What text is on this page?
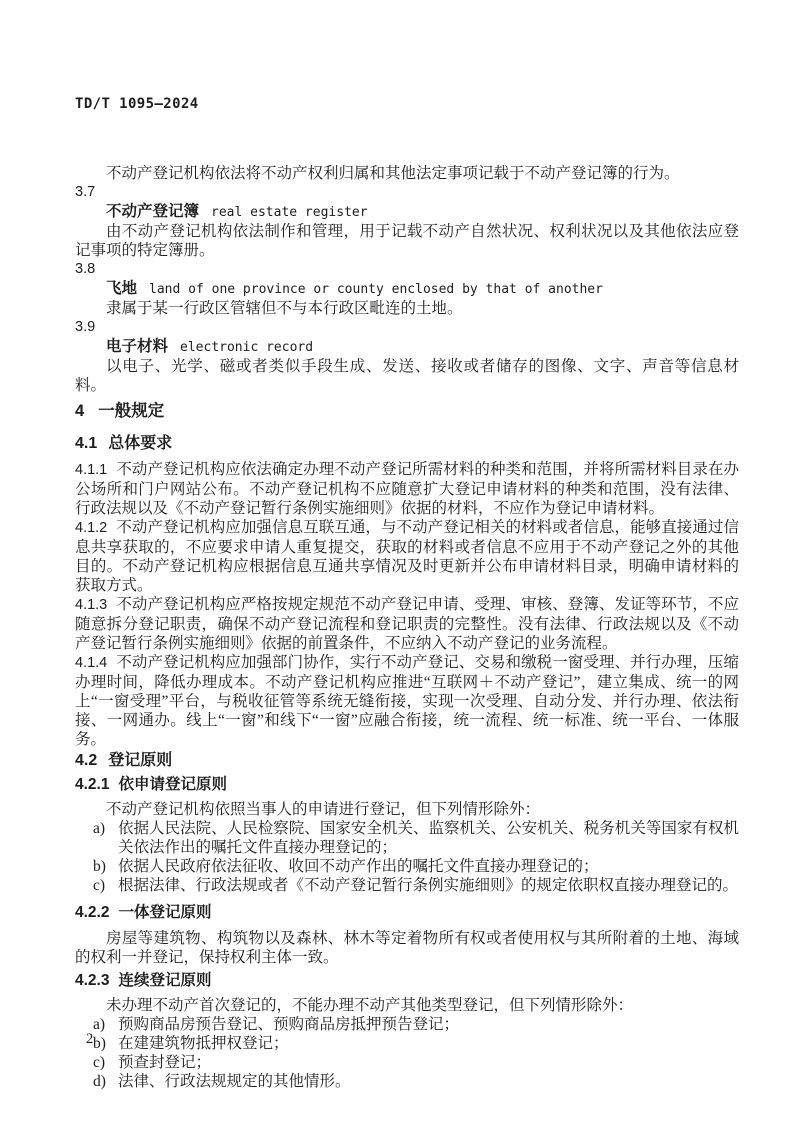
TD/T 1095—2024

不动产登记机构依法将不动产权利归属和其他法定事项记载于不动产登记簿的行为。

3.7
不动产登记簿 real estate register

由不动产登记机构依法制作和管理，用于记载不动产自然状况、权利状况以及其他依法应登记事项的特定簿册。

3.8
飞地 land of one province or county enclosed by that of another

隶属于某一行政区管辖但不与本行政区毗连的土地。

3.9
电子材料 electronic record

以电子、光学、磁或者类似手段生成、发送、接收或者储存的图像、文字、声音等信息材料。

4 一般规定
4.1 总体要求

4.1.1 不动产登记机构应依法确定办理不动产登记所需材料的种类和范围，并将所需材料目录在办公场所和门户网站公布。不动产登记机构不应随意扩大登记申请材料的种类和范围，没有法律、行政法规以及《不动产登记暂行条例实施细则》依据的材料，不应作为登记申请材料。

4.1.2 不动产登记机构应加强信息互联互通，与不动产登记相关的材料或者信息，能够直接通过信息共享获取的，不应要求申请人重复提交，获取的材料或者信息不应用于不动产登记之外的其他目的。不动产登记机构应根据信息互通共享情况及时更新并公布申请材料目录，明确申请材料的获取方式。

4.1.3 不动产登记机构应严格按规定规范不动产登记申请、受理、审核、登簿、发证等环节，不应随意拆分登记职责，确保不动产登记流程和登记职责的完整性。没有法律、行政法规以及《不动产登记暂行条例实施细则》依据的前置条件，不应纳入不动产登记的业务流程。

4.1.4 不动产登记机构应加强部门协作，实行不动产登记、交易和缴税一窗受理、并行办理，压缩办理时间，降低办理成本。不动产登记机构应推进“互联网＋不动产登记”，建立集成、统一的网上“一窗受理”平台，与税收征管等系统无缝衔接，实现一次受理、自动分发、并行办理、依法衔接、一网通办。线上“一窗”和线下“一窗”应融合衔接，统一流程、统一标准、统一平台、一体服务。

4.2 登记原则
4.2.1 依申请登记原则

不动产登记机构依照当事人的申请进行登记，但下列情形除外：

a) 依据人民法院、人民检察院、国家安全机关、监察机关、公安机关、税务机关等国家有权机关依法作出的嘱托文件直接办理登记的；
b) 依据人民政府依法征收、收回不动产作出的嘱托文件直接办理登记的；
c) 根据法律、行政法规或者《不动产登记暂行条例实施细则》的规定依职权直接办理登记的。
4.2.2 一体登记原则

房屋等建筑物、构筑物以及森林、林木等定着物所有权或者使用权与其所附着的土地、海域的权利一并登记，保持权利主体一致。

4.2.3 连续登记原则

未办理不动产首次登记的，不能办理不动产其他类型登记，但下列情形除外：

a) 预购商品房预告登记、预购商品房抵押预告登记；
b) 在建建筑物抵押权登记；
c) 预查封登记；
d) 法律、行政法规规定的其他情形。
2
